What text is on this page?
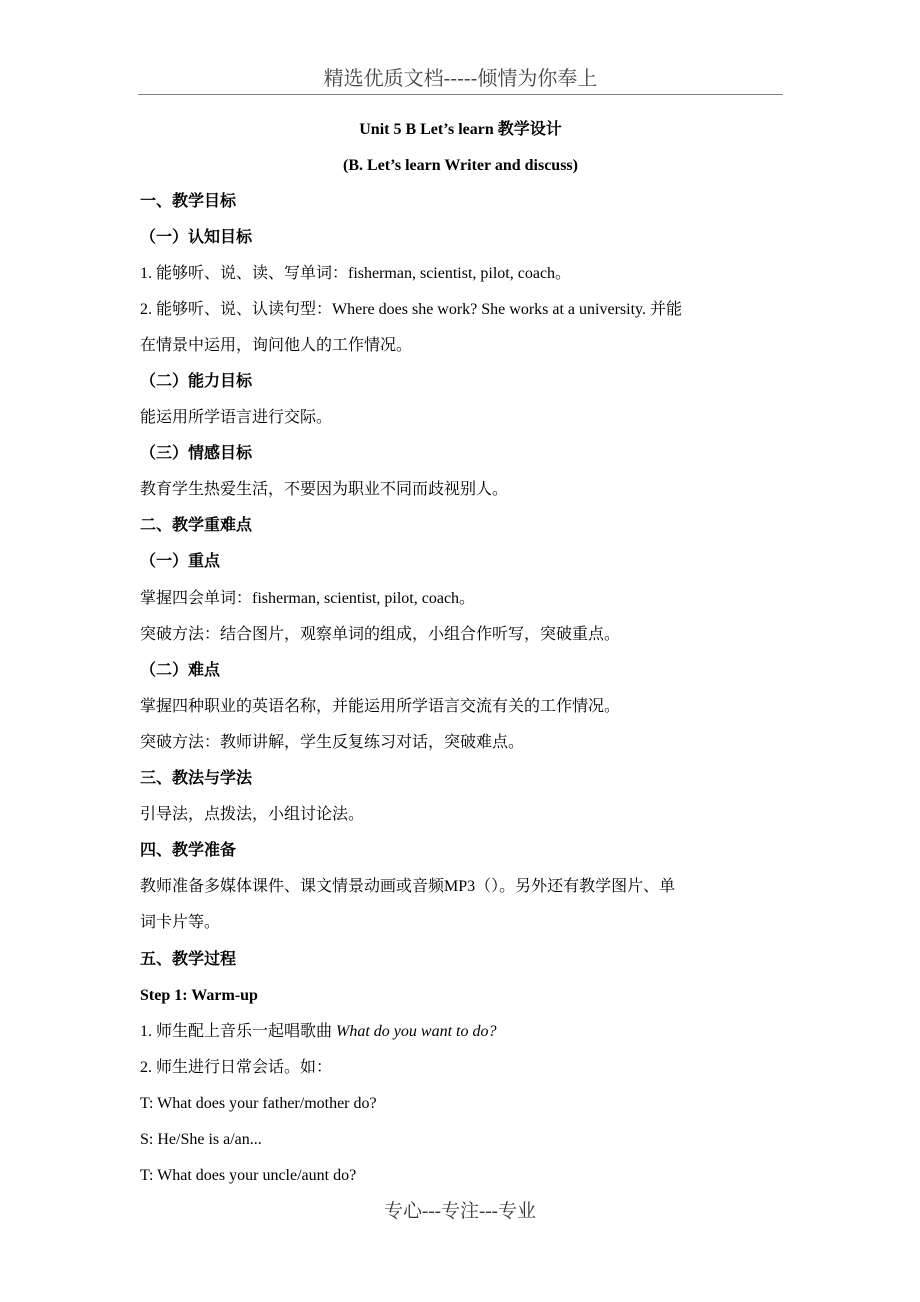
精选优质文档-----倾情为你奉上
Unit 5 B Let’s learn 教学设计
(B. Let’s learn Writer and discuss)
一、教学目标
（一）认知目标
1. 能够听、说、读、写单词：fisherman, scientist, pilot, coach。
2. 能够听、说、认读句型：Where does she work? She works at a university. 并能
在情景中运用，询问他人的工作情况。
（二）能力目标
能运用所学语言进行交际。
（三）情感目标
教育学生热爱生活，不要因为职业不同而歧视别人。
二、教学重难点
（一）重点
掌握四会单词：fisherman, scientist, pilot, coach。
突破方法：结合图片，观察单词的组成，小组合作听写，突破重点。
（二）难点
掌握四种职业的英语名称，并能运用所学语言交流有关的工作情况。
突破方法：教师讲解，学生反复练习对话，突破难点。
三、教法与学法
引导法，点拨法，小组讨论法。
四、教学准备
教师准备多媒体课件、课文情景动画或音频MP3（）。另外还有教学图片、单
词卡片等。
五、教学过程
Step 1: Warm-up
1. 师生配上音乐一起唱歌曲 What do you want to do?
2. 师生进行日常会话。如：
T: What does your father/mother do?
S: He/She is a/an...
T: What does your uncle/aunt do?
专心---专注---专业
